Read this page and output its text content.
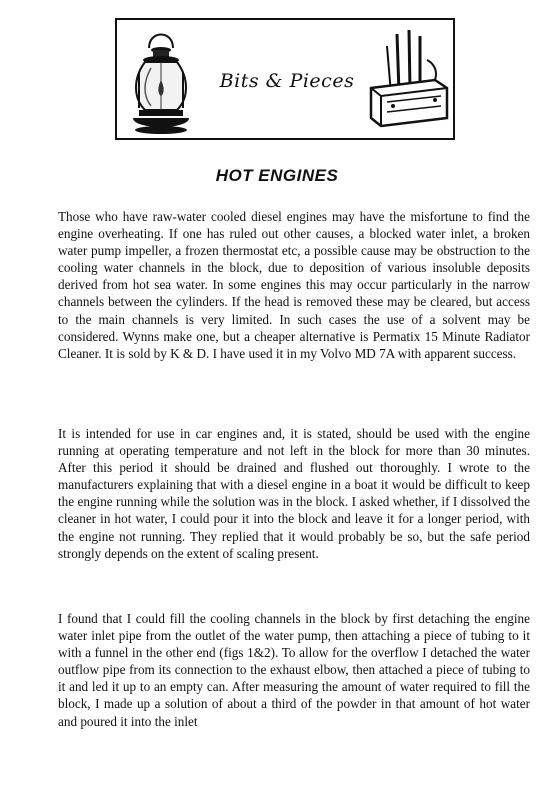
Bits & Pieces
HOT ENGINES

Those who have raw-water cooled diesel engines may have the misfortune to find the engine overheating. If one has ruled out other causes, a blocked water inlet, a broken water pump impeller, a frozen thermostat etc, a possible cause may be obstruction to the cooling water channels in the block, due to deposition of various insoluble deposits derived from hot sea water. In some engines this may occur particularly in the narrow channels between the cylinders. If the head is removed these may be cleared, but access to the main channels is very limited. In such cases the use of a solvent may be considered. Wynns make one, but a cheaper alternative is Permatix 15 Minute Radiator Cleaner. It is sold by K & D. I have used it in my Volvo MD 7A with apparent success.

It is intended for use in car engines and, it is stated, should be used with the engine running at operating temperature and not left in the block for more than 30 minutes. After this period it should be drained and flushed out thoroughly. I wrote to the manufacturers explaining that with a diesel engine in a boat it would be difficult to keep the engine running while the solution was in the block. I asked whether, if I dissolved the cleaner in hot water, I could pour it into the block and leave it for a longer period, with the engine not running. They replied that it would probably be so, but the safe period strongly depends on the extent of scaling present.

I found that I could fill the cooling channels in the block by first detaching the engine water inlet pipe from the outlet of the water pump, then attaching a piece of tubing to it with a funnel in the other end (figs 1&2). To allow for the overflow I detached the water outflow pipe from its connection to the exhaust elbow, then attached a piece of tubing to it and led it up to an empty can. After measuring the amount of water required to fill the block, I made up a solution of about a third of the powder in that amount of hot water and poured it into the inlet
